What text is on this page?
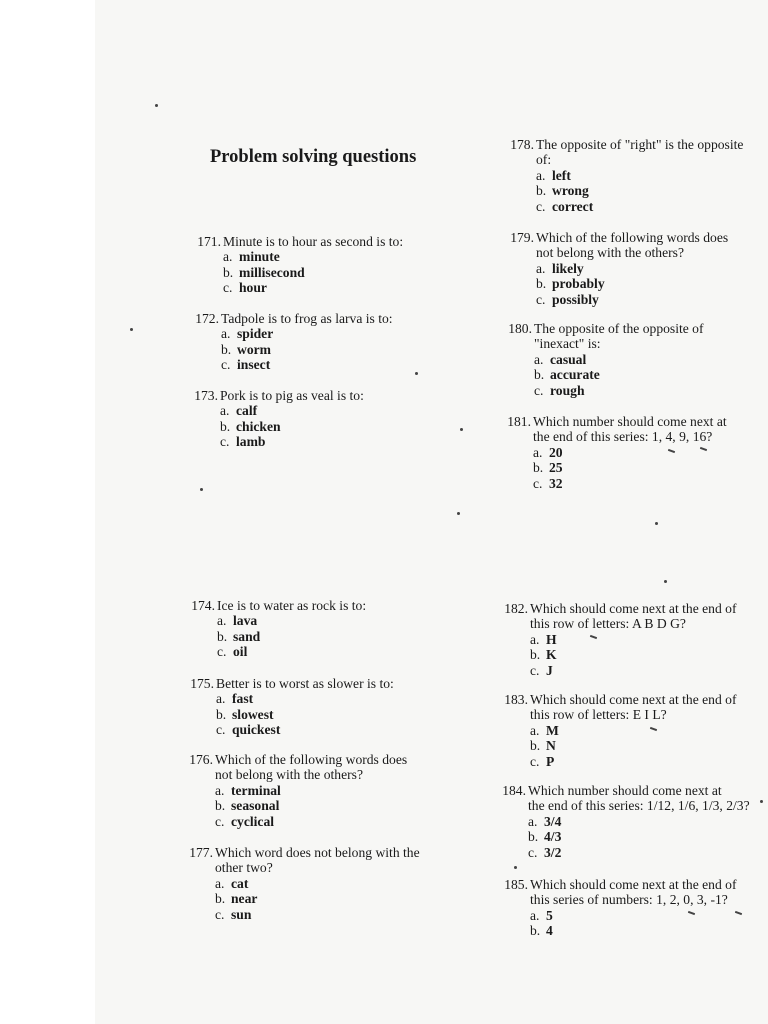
Problem solving questions
171. Minute is to hour as second is to:
a. minute
b. millisecond
c. hour
172. Tadpole is to frog as larva is to:
a. spider
b. worm
c. insect
173. Pork is to pig as veal is to:
a. calf
b. chicken
c. lamb
174. Ice is to water as rock is to:
a. lava
b. sand
c. oil
175. Better is to worst as slower is to:
a. fast
b. slowest
c. quickest
176. Which of the following words does
not belong with the others?
a. terminal
b. seasonal
c. cyclical
177. Which word does not belong with the
other two?
a. cat
b. near
c. sun
178. The opposite of "right" is the opposite
of:
a. left
b. wrong
c. correct
179. Which of the following words does
not belong with the others?
a. likely
b. probably
c. possibly
180. The opposite of the opposite of
"inexact" is:
a. casual
b. accurate
c. rough
181. Which number should come next at
the end of this series: 1, 4, 9, 16?
a. 20
b. 25
c. 32
182. Which should come next at the end of
this row of letters: A B D G?
a. H
b. K
c. J
183. Which should come next at the end of
this row of letters: E I L?
a. M
b. N
c. P
184. Which number should come next at
the end of this series: 1/12, 1/6, 1/3, 2/3?
a. 3/4
b. 4/3
c. 3/2
185. Which should come next at the end of
this series of numbers: 1, 2, 0, 3, -1?
a. 5
b. 4
